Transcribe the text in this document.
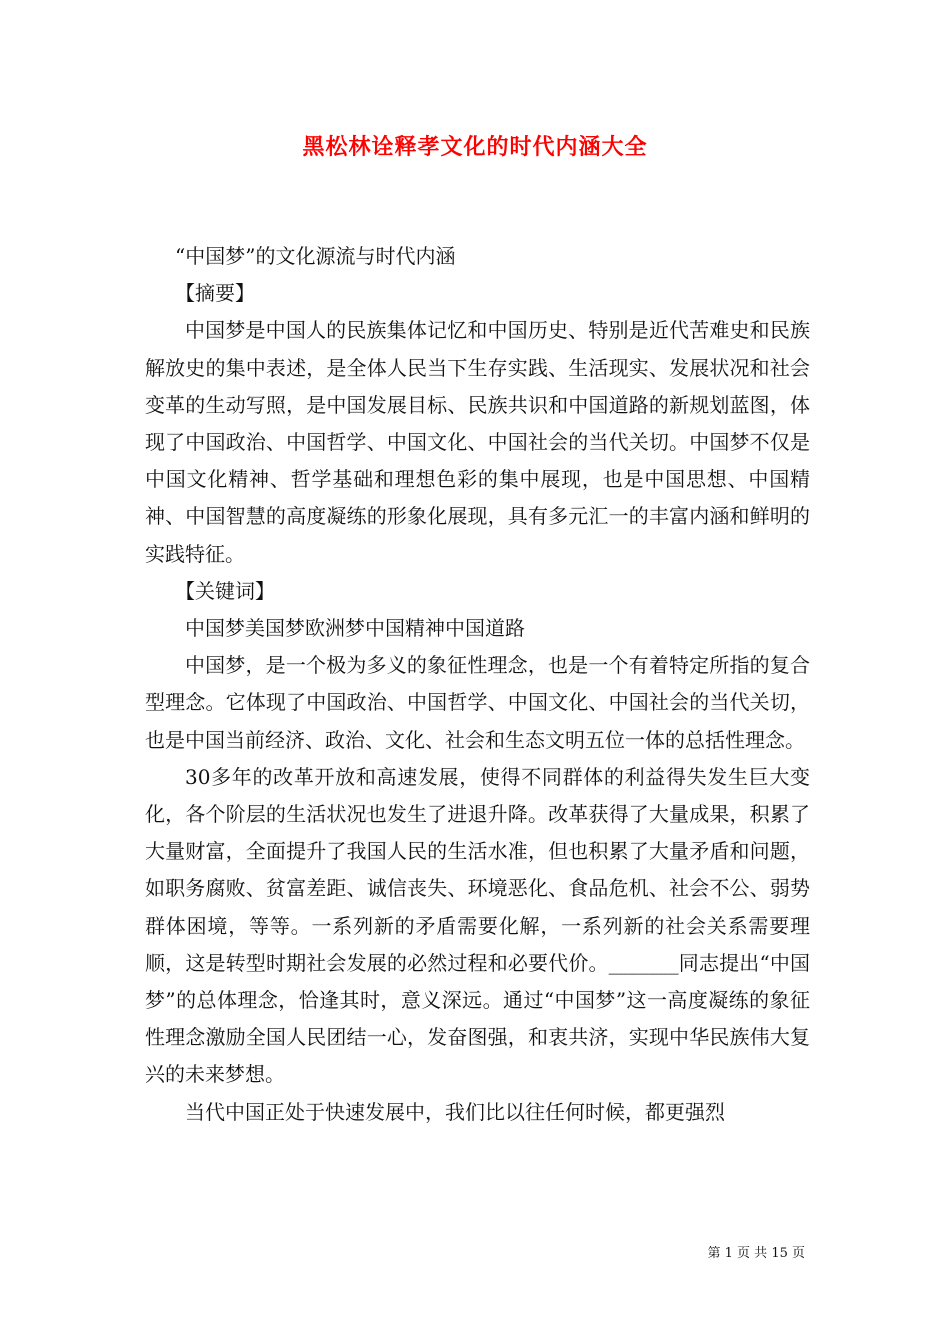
黑松林诠释孝文化的时代内涵大全

“中国梦”的文化源流与时代内涵

【摘要】

中国梦是中国人的民族集体记忆和中国历史、特别是近代苦难史和民族解放史的集中表述，是全体人民当下生存实践、生活现实、发展状况和社会变革的生动写照，是中国发展目标、民族共识和中国道路的新规划蓝图，体现了中国政治、中国哲学、中国文化、中国社会的当代关切。中国梦不仅是中国文化精神、哲学基础和理想色彩的集中展现，也是中国思想、中国精神、中国智慧的高度凝练的形象化展现，具有多元汇一的丰富内涵和鲜明的实践特征。

【关键词】

中国梦美国梦欧洲梦中国精神中国道路

中国梦，是一个极为多义的象征性理念，也是一个有着特定所指的复合型理念。它体现了中国政治、中国哲学、中国文化、中国社会的当代关切，也是中国当前经济、政治、文化、社会和生态文明五位一体的总括性理念。

30多年的改革开放和高速发展，使得不同群体的利益得失发生巨大变化，各个阶层的生活状况也发生了进退升降。改革获得了大量成果，积累了大量财富，全面提升了我国人民的生活水准，但也积累了大量矛盾和问题，如职务腐败、贫富差距、诚信丧失、环境恶化、食品危机、社会不公、弱势群体困境，等等。一系列新的矛盾需要化解，一系列新的社会关系需要理顺，这是转型时期社会发展的必然过程和必要代价。_______同志提出“中国梦”的总体理念，恰逢其时，意义深远。通过“中国梦”这一高度凝练的象征性理念激励全国人民团结一心，发奋图强，和衷共济，实现中华民族伟大复兴的未来梦想。

当代中国正处于快速发展中，我们比以往任何时候，都更强烈

第 1 页 共 15 页
